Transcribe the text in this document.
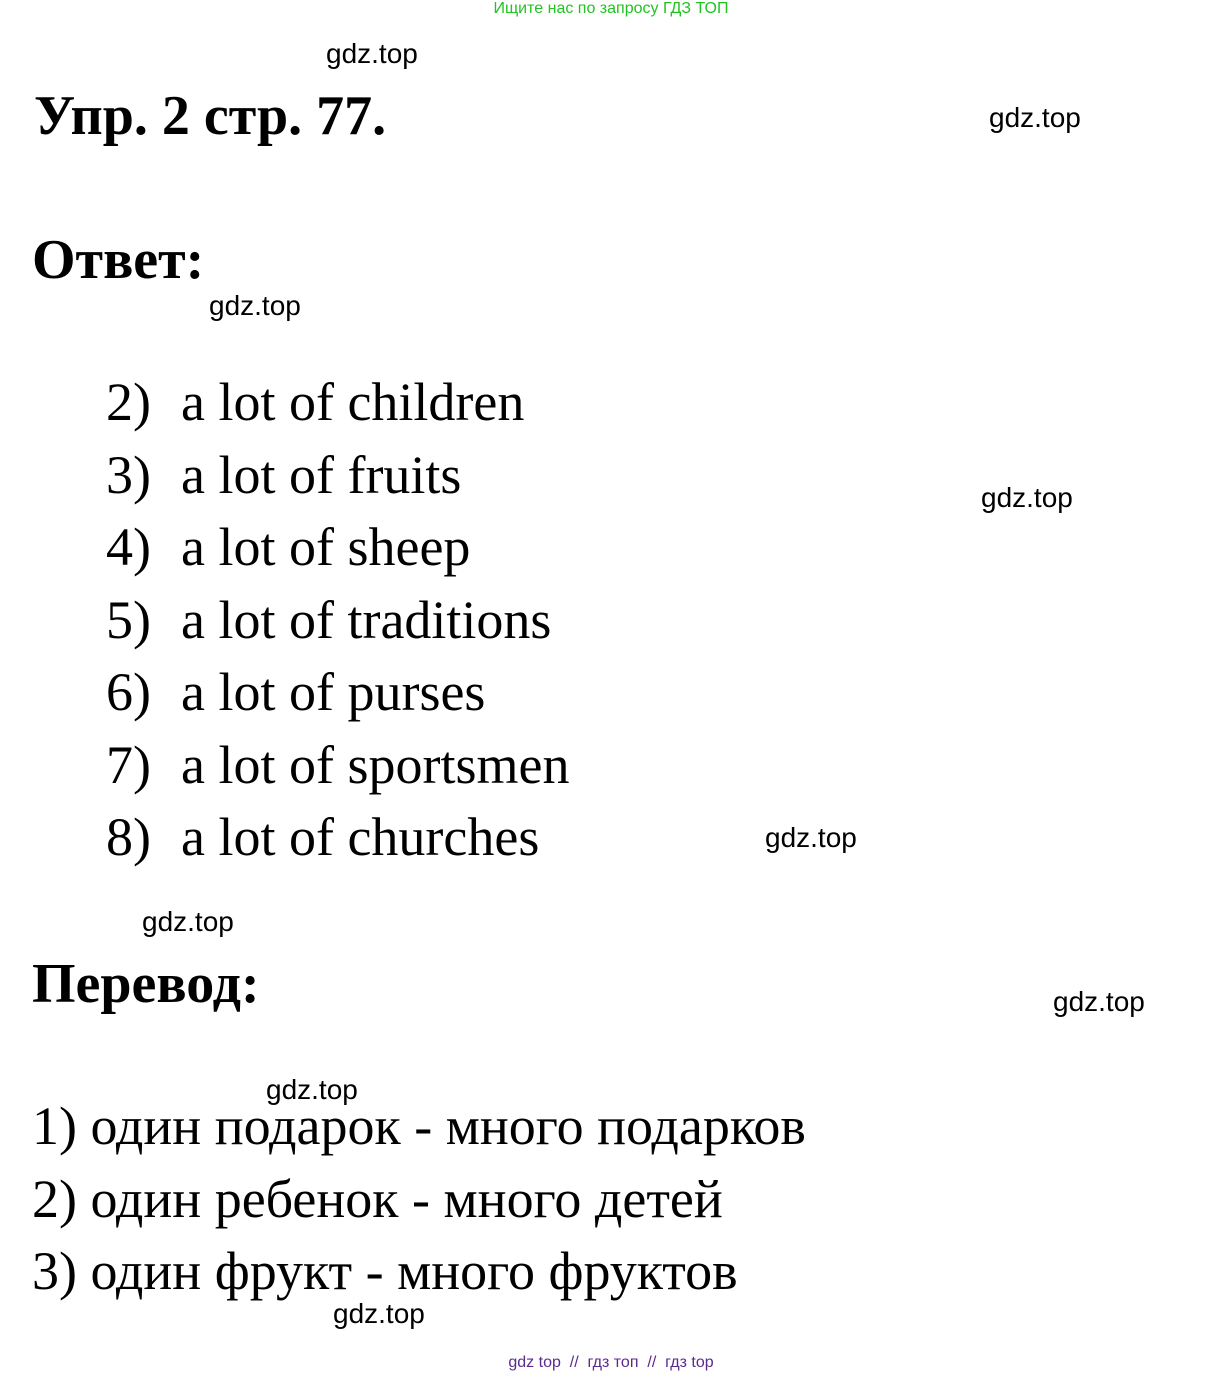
Ищите нас по запросу ГДЗ ТОП
Упр. 2 стр. 77.
Ответ:
2) a lot of children
3) a lot of fruits
4) a lot of sheep
5) a lot of traditions
6) a lot of purses
7) a lot of sportsmen
8) a lot of churches
Перевод:
1) один подарок - много подарков
2) один ребенок - много детей
3) один фрукт - много фруктов
gdz.top
gdz.top
gdz.top
gdz.top
gdz.top
gdz.top
gdz.top
gdz.top
gdz.top
gdz top  //  гдз топ  //  гдз top
